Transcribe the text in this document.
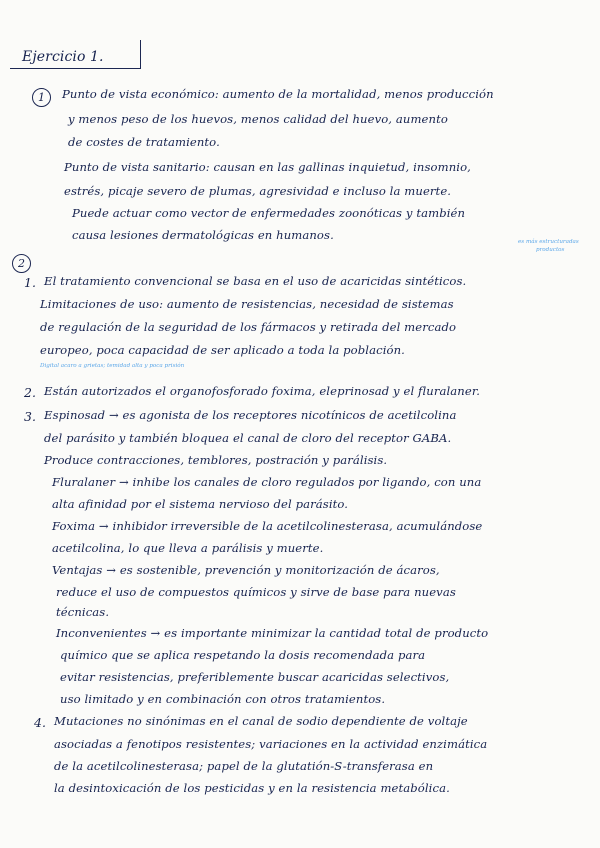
Ejercicio 1.
1	Punto de vista económico: aumento de la mortalidad, menos producción
y menos peso de los huevos, menos calidad del huevo, aumento
de costes de tratamiento.
Punto de vista sanitario: causan en las gallinas inquietud, insomnio,
estrés, picaje severo de plumas, agresividad e incluso la muerte.
Puede actuar como vector de enfermedades zoonóticas y también
causa lesiones dermatológicas en humanos.
2
es más estructuradas
productos
1. El tratamiento convencional se basa en el uso de acaricidas sintéticos.
Limitaciones de uso: aumento de resistencias, necesidad de sistemas
de regulación de la seguridad de los fármacos y retirada del mercado
europeo, poca capacidad de ser aplicado a toda la población.
Digital acaro a grietas; temidad alta y poca prisión
2. Están autorizados el organofosforado foxima, eleprinosad y el fluralaner.
3. Espinosad → es agonista de los receptores nicotínicos de acetilcolina
del parásito y también bloquea el canal de cloro del receptor GABA.
Produce contracciones, temblores, postración y parálisis.
Fluralaner → inhibe los canales de cloro regulados por ligando, con una
alta afinidad por el sistema nervioso del parásito.
Foxima → inhibidor irreversible de la acetilcolinesterasa, acumulándose
acetilcolina, lo que lleva a parálisis y muerte.
Ventajas → es sostenible, prevención y monitorización de ácaros,
reduce el uso de compuestos químicos y sirve de base para nuevas
técnicas.
Inconvenientes → es importante minimizar la cantidad total de producto
químico que se aplica respetando la dosis recomendada para
evitar resistencias, preferiblemente buscar acaricidas selectivos,
uso limitado y en combinación con otros tratamientos.
4. Mutaciones no sinónimas en el canal de sodio dependiente de voltaje
asociadas a fenotipos resistentes; variaciones en la actividad enzimática
de la acetilcolinesterasa; papel de la glutatión-S-transferasa en
la desintoxicación de los pesticidas y en la resistencia metabólica.
